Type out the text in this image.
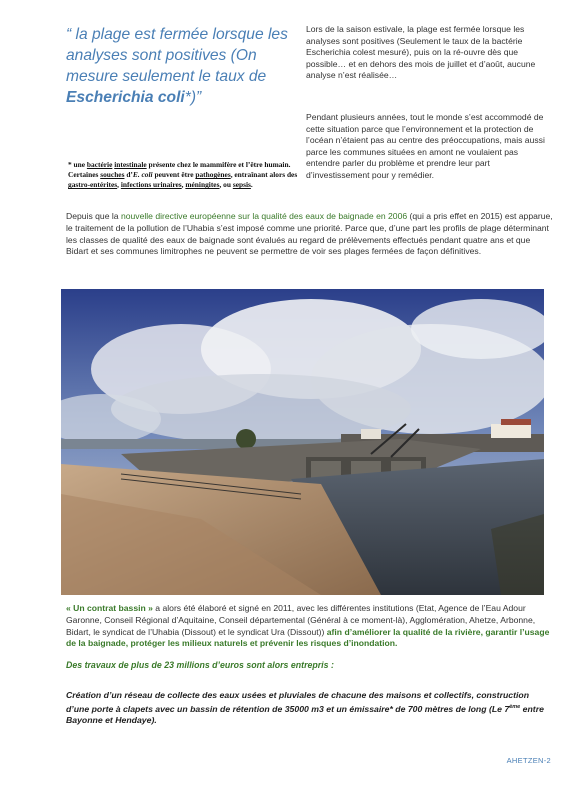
“ la plage est fermée lorsque les analyses sont positives (On mesure seulement le taux de Escherichia coli*)”
* une bactérie intestinale présente chez le mammifère et l’être humain. Certaines souches d’E. coli peuvent être pathogènes, entraînant alors des gastro-entérites, infections urinaires, méningites, ou sepsis.

Lors de la saison estivale, la plage est fermée lorsque les analyses sont positives (Seulement le taux de la bactérie Escherichia colest mesuré), puis on la ré-ouvre dès que possible… et en dehors des mois de juillet et d’août, aucune analyse n’est réalisée…

Pendant plusieurs années, tout le monde s’est accommodé de cette situation parce que l’environnement et la protection de l’océan n’étaient pas au centre des préoccupations, mais aussi parce les communes situées en amont ne voulaient pas entendre parler du problème et prendre leur part d’investissement pour y remédier.

Depuis que la nouvelle directive européenne sur la qualité des eaux de baignade en 2006 (qui a pris effet en 2015) est apparue, le traitement de la pollution de l’Uhabia s’est imposé comme une priorité. Parce que, d’une part les profils de plage déterminant les classes de qualité des eaux de baignade sont évalués au regard de prélèvements effectués pendant quatre ans et que Bidart et ses communes limitrophes ne peuvent se permettre de voir ses plages fermées de façon définitives.
« Un contrat bassin » a alors été élaboré et signé en 2011, avec les différentes institutions (Etat, Agence de l’Eau Adour Garonne, Conseil Régional d’Aquitaine, Conseil départemental (Général à ce moment-là), Agglomération, Ahetze, Arbonne, Bidart, le syndicat de l’Uhabia (Dissout) et le syndicat Ura (Dissout)) afin d’améliorer la qualité de la rivière, garantir l’usage de la baignade, protéger les milieux naturels et prévenir les risques d’inondation.
Des travaux de plus de 23 millions d’euros sont alors entrepris :
Création d’un réseau de collecte des eaux usées et pluviales de chacune des maisons et collectifs, construction d’une porte à clapets avec un bassin de rétention de 35000 m3 et un émissaire* de 700 mètres de long (Le 7ème entre Bayonne et Hendaye).
AHETZEN-2
